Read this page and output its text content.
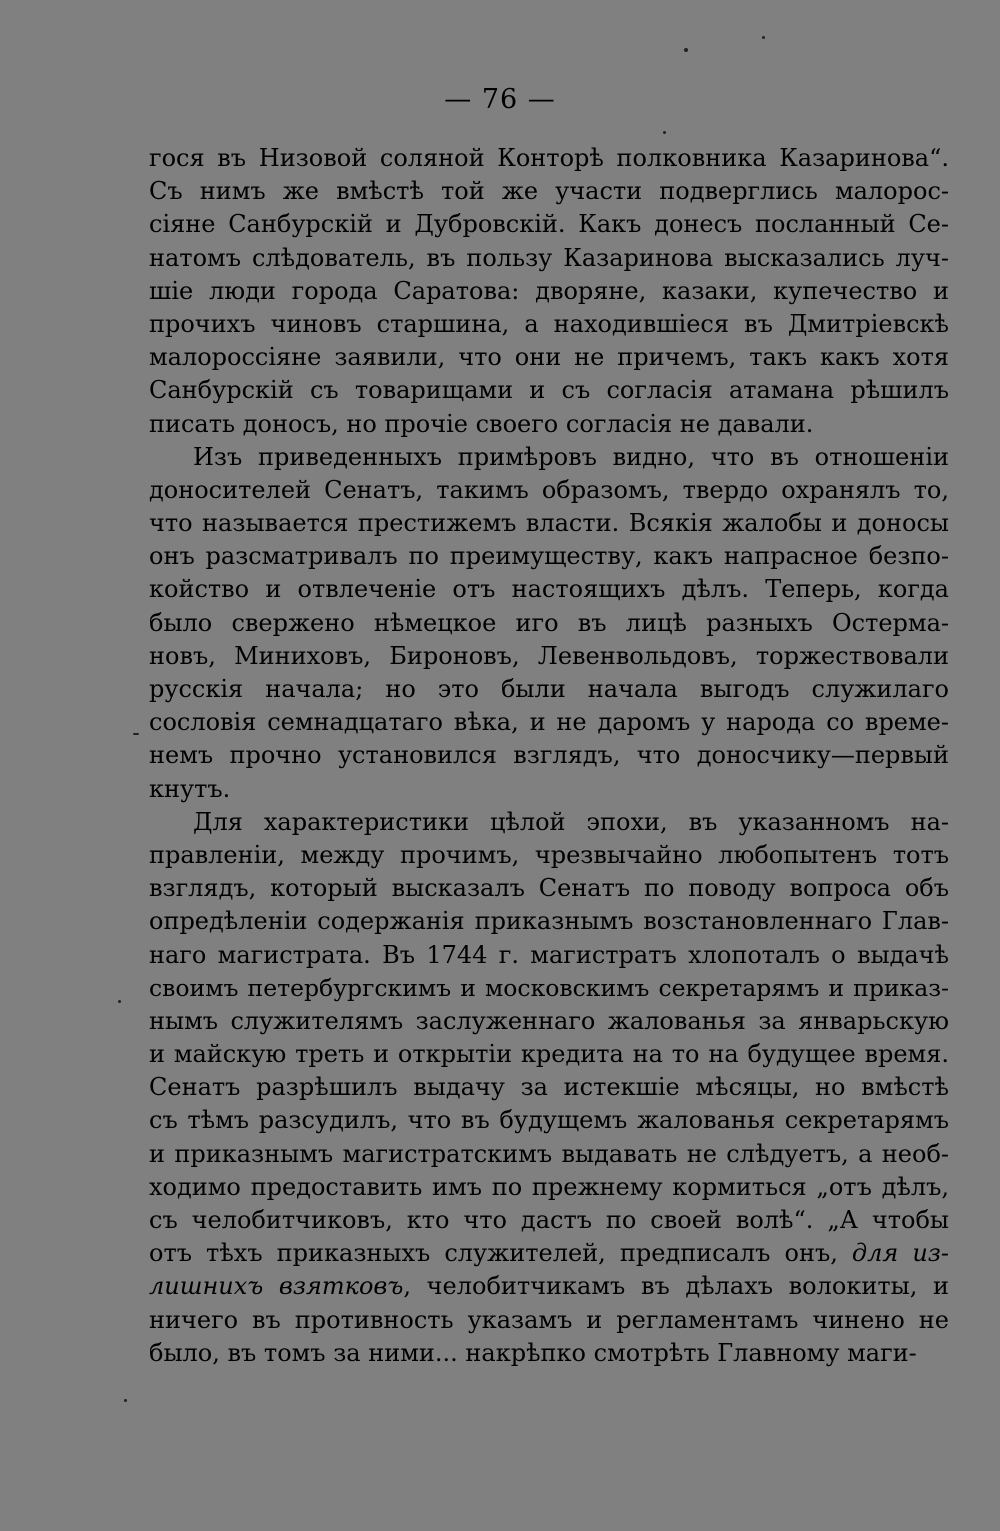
— 76 —
гося въ Низовой соляной Конторѣ полковника Казаринова“.
Съ нимъ же вмѣстѣ той же участи подверглись малорос-
сіяне Санбурскій и Дубровскій. Какъ донесъ посланный Се-
натомъ слѣдователь, въ пользу Казаринова высказались луч-
шіе люди города Саратова: дворяне, казаки, купечество и
прочихъ чиновъ старшина, а находившіеся въ Дмитріевскѣ
малороссіяне заявили, что они не причемъ, такъ какъ хотя
Санбурскій съ товарищами и съ согласія атамана рѣшилъ
писать доносъ, но прочіе своего согласія не давали.
Изъ приведенныхъ примѣровъ видно, что въ отношеніи
доносителей Сенатъ, такимъ образомъ, твердо охранялъ то,
что называется престижемъ власти. Всякія жалобы и доносы
онъ разсматривалъ по преимуществу, какъ напрасное безпо-
койство и отвлеченіе отъ настоящихъ дѣлъ. Теперь, когда
было свержено нѣмецкое иго въ лицѣ разныхъ Остерма-
новъ, Миниховъ, Бироновъ, Левенвольдовъ, торжествовали
русскія начала; но это были начала выгодъ служилаго
сословія семнадцатаго вѣка, и не даромъ у народа со време-
немъ прочно установился взглядъ, что доносчику—первый
кнутъ.
Для характеристики цѣлой эпохи, въ указанномъ на-
правленіи, между прочимъ, чрезвычайно любопытенъ тотъ
взглядъ, который высказалъ Сенатъ по поводу вопроса объ
опредѣленіи содержанія приказнымъ возстановленнаго Глав-
наго магистрата. Въ 1744 г. магистратъ хлопоталъ о выдачѣ
своимъ петербургскимъ и московскимъ секретарямъ и приказ-
нымъ служителямъ заслуженнаго жалованья за январьскую
и майскую треть и открытіи кредита на то на будущее время.
Сенатъ разрѣшилъ выдачу за истекшіе мѣсяцы, но вмѣстѣ
съ тѣмъ разсудилъ, что въ будущемъ жалованья секретарямъ
и приказнымъ магистратскимъ выдавать не слѣдуетъ, а необ-
ходимо предоставить имъ по прежнему кормиться „отъ дѣлъ,
съ челобитчиковъ, кто что дастъ по своей волѣ“. „А чтобы
отъ тѣхъ приказныхъ служителей, предписалъ онъ, для из-
лишнихъ взятковъ, челобитчикамъ въ дѣлахъ волокиты, и
ничего въ противность указамъ и регламентамъ чинено не
было, въ томъ за ними... накрѣпко смотрѣть Главному маги-
